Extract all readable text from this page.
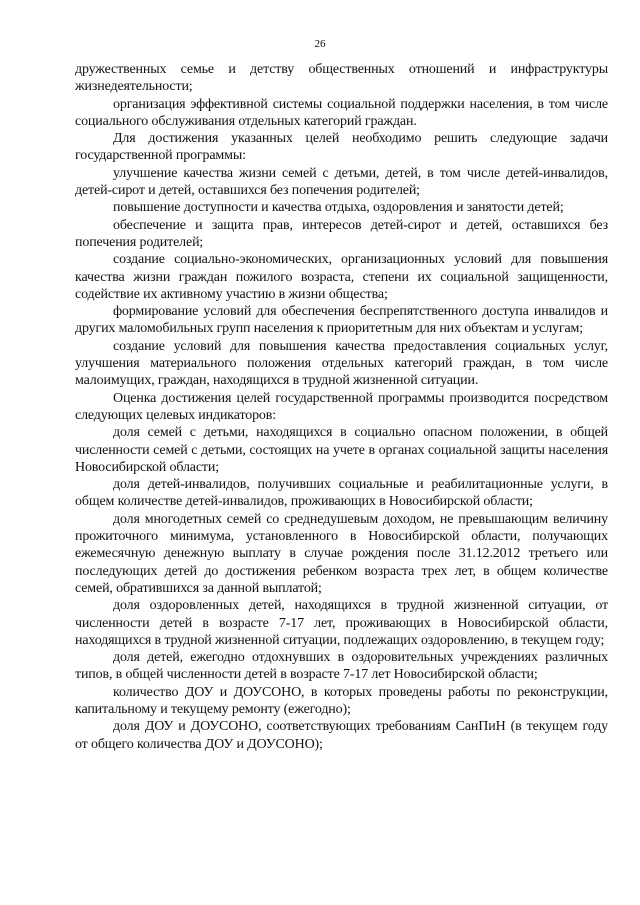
26

дружественных семье и детству общественных отношений и инфраструктуры жизнедеятельности;

организация эффективной системы социальной поддержки населения, в том числе социального обслуживания отдельных категорий граждан.

Для достижения указанных целей необходимо решить следующие задачи государственной программы:

улучшение качества жизни семей с детьми, детей, в том числе детей-инвалидов, детей-сирот и детей, оставшихся без попечения родителей;

повышение доступности и качества отдыха, оздоровления и занятости детей;

обеспечение и защита прав, интересов детей-сирот и детей, оставшихся без попечения родителей;

создание социально-экономических, организационных условий для повышения качества жизни граждан пожилого возраста, степени их социальной защищенности, содействие их активному участию в жизни общества;

формирование условий для обеспечения беспрепятственного доступа инвалидов и других маломобильных групп населения к приоритетным для них объектам и услугам;

создание условий для повышения качества предоставления социальных услуг, улучшения материального положения отдельных категорий граждан, в том числе малоимущих, граждан, находящихся в трудной жизненной ситуации.

Оценка достижения целей государственной программы производится посредством следующих целевых индикаторов:

доля семей с детьми, находящихся в социально опасном положении, в общей численности семей с детьми, состоящих на учете в органах социальной защиты населения Новосибирской области;

доля детей-инвалидов, получивших социальные и реабилитационные услуги, в общем количестве детей-инвалидов, проживающих в Новосибирской области;

доля многодетных семей со среднедушевым доходом, не превышающим величину прожиточного минимума, установленного в Новосибирской области, получающих ежемесячную денежную выплату в случае рождения после 31.12.2012 третьего или последующих детей до достижения ребенком возраста трех лет, в общем количестве семей, обратившихся за данной выплатой;

доля оздоровленных детей, находящихся в трудной жизненной ситуации, от численности детей в возрасте 7-17 лет, проживающих в Новосибирской области, находящихся в трудной жизненной ситуации, подлежащих оздоровлению, в текущем году;

доля детей, ежегодно отдохнувших в оздоровительных учреждениях различных типов, в общей численности детей в возрасте 7-17 лет Новосибирской области;

количество ДОУ и ДОУСОНО, в которых проведены работы по реконструкции, капитальному и текущему ремонту (ежегодно);

доля ДОУ и ДОУСОНО, соответствующих требованиям СанПиН (в текущем году от общего количества ДОУ и ДОУСОНО);
